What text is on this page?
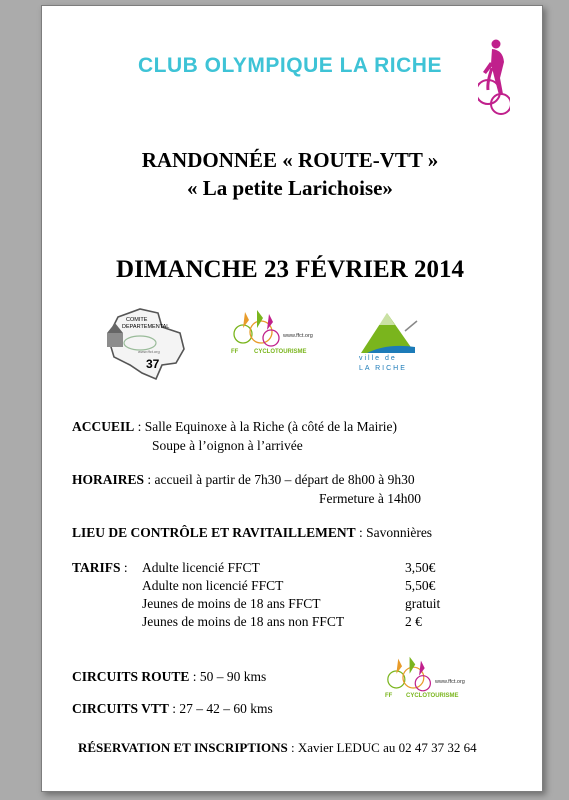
CLUB OLYMPIQUE LA RICHE
RANDONNÉE « ROUTE-VTT »
« La petite Larichoise»
DIMANCHE 23 FÉVRIER 2014
COMITE
DEPARTEMENTAL
www.ffct.org
37
www.ffct.org
FF	CYCLOTOURISME
ville de
LA RICHE
ACCUEIL : Salle Equinoxe à la Riche (à côté de la Mairie)
Soupe à l’oignon à l’arrivée
HORAIRES : accueil à partir de 7h30 – départ de 8h00 à 9h30
Fermeture à 14h00
LIEU DE CONTRÔLE ET RAVITAILLEMENT : Savonnières
TARIFS : Adulte licencié FFCT	3,50€
Adulte non licencié FFCT	5,50€
Jeunes de moins de 18 ans FFCT	gratuit
Jeunes de moins de 18 ans non FFCT	2 €
CIRCUITS ROUTE : 50 – 90 kms
CIRCUITS VTT : 27 – 42 – 60 kms
www.ffct.org
FF CYCLOTOURISME
RÉSERVATION ET INSCRIPTIONS : Xavier LEDUC au 02 47 37 32 64
